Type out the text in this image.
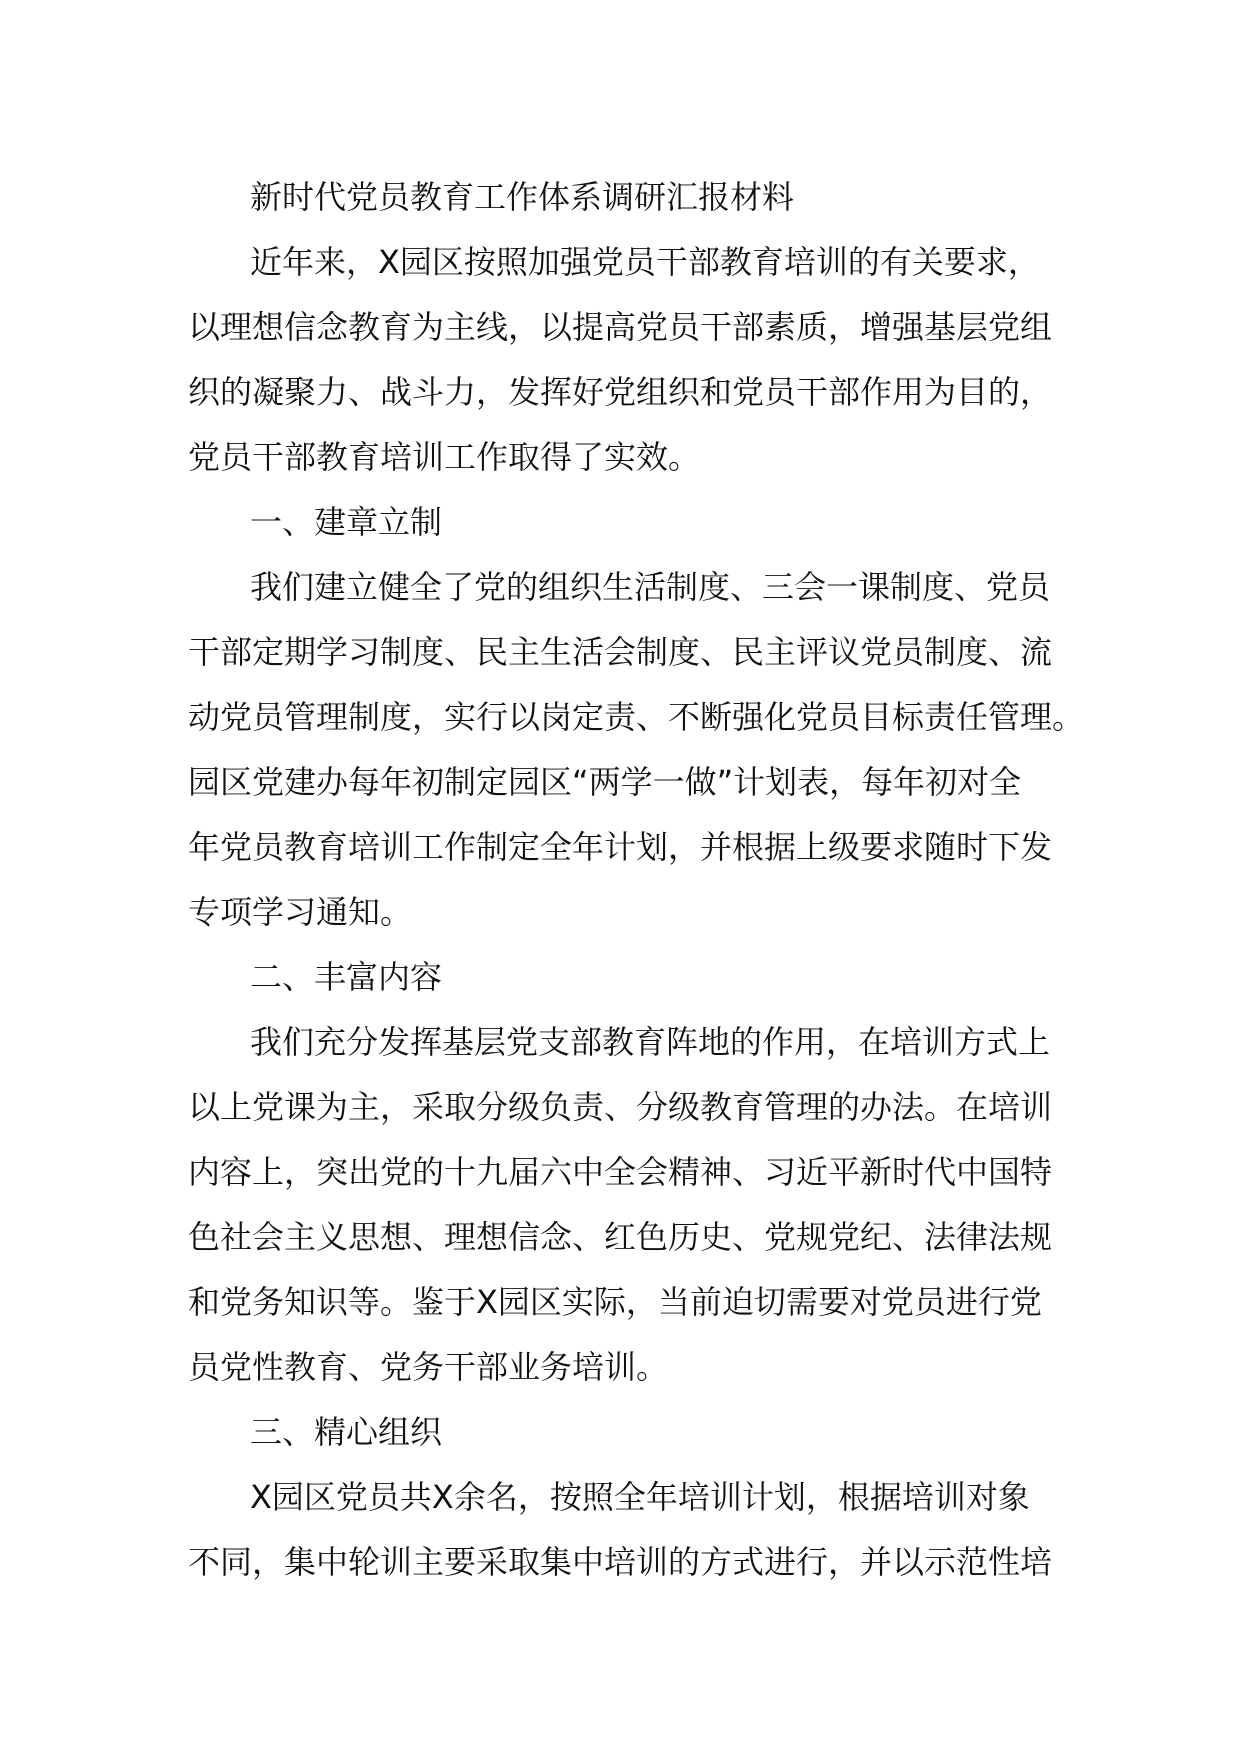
新时代党员教育工作体系调研汇报材料
近年来，X园区按照加强党员干部教育培训的有关要求，
以理想信念教育为主线，以提高党员干部素质，增强基层党组
织的凝聚力、战斗力，发挥好党组织和党员干部作用为目的，
党员干部教育培训工作取得了实效。
一、建章立制
我们建立健全了党的组织生活制度、三会一课制度、党员
干部定期学习制度、民主生活会制度、民主评议党员制度、流
动党员管理制度，实行以岗定责、不断强化党员目标责任管理。
园区党建办每年初制定园区“两学一做”计划表，每年初对全
年党员教育培训工作制定全年计划，并根据上级要求随时下发
专项学习通知。
二、丰富内容
我们充分发挥基层党支部教育阵地的作用，在培训方式上
以上党课为主，采取分级负责、分级教育管理的办法。在培训
内容上，突出党的十九届六中全会精神、习近平新时代中国特
色社会主义思想、理想信念、红色历史、党规党纪、法律法规
和党务知识等。鉴于X园区实际，当前迫切需要对党员进行党
员党性教育、党务干部业务培训。
三、精心组织
X园区党员共X余名，按照全年培训计划，根据培训对象
不同，集中轮训主要采取集中培训的方式进行，并以示范性培
